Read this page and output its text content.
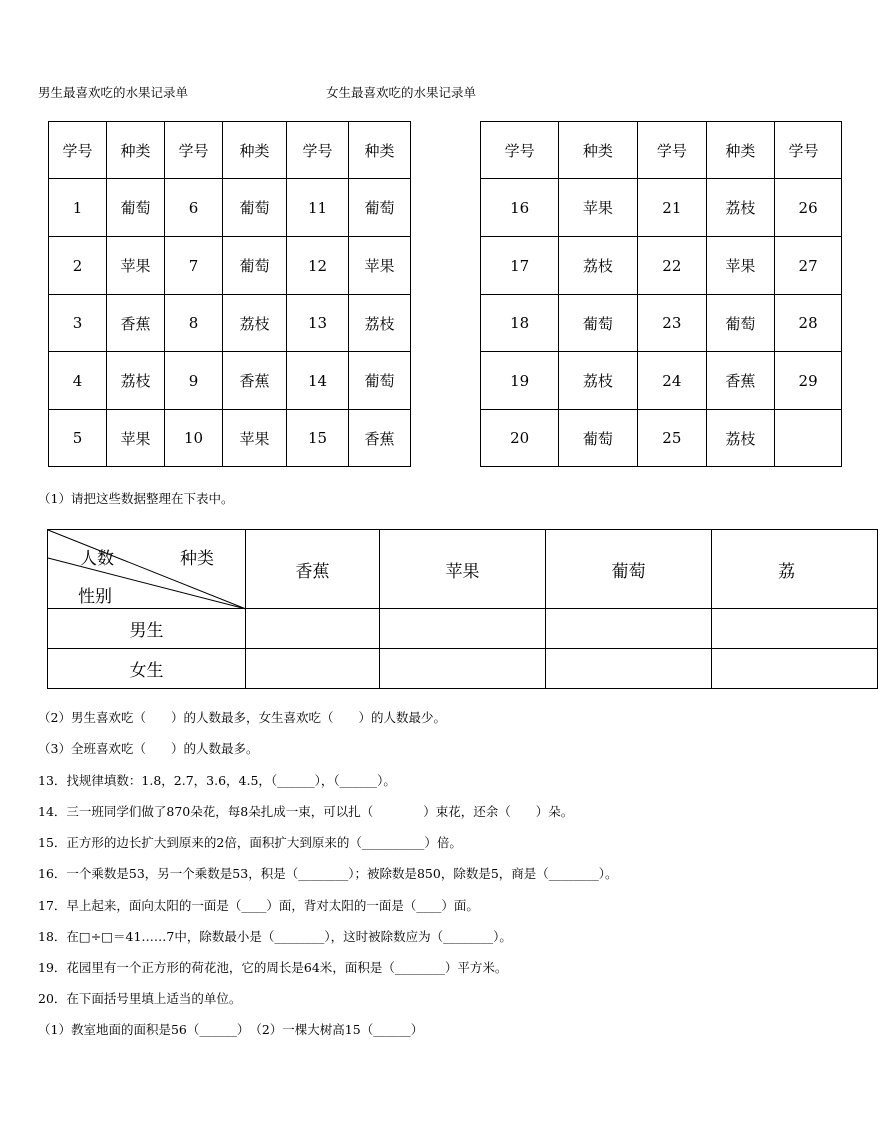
男生最喜欢吃的水果记录单	女生最喜欢吃的水果记录单
学号	种类	学号	种类	学号	种类
1	葡萄	6	葡萄	11	葡萄
2	苹果	7	葡萄	12	苹果
3	香蕉	8	荔枝	13	荔枝
4	荔枝	9	香蕉	14	葡萄
5	苹果	10	苹果	15	香蕉
学号	种类	学号	种类	学号
16	苹果	21	荔枝	26
17	荔枝	22	苹果	27
18	葡萄	23	葡萄	28
19	荔枝	24	香蕉	29
20	葡萄	25	荔枝	
（1）请把这些数据整理在下表中。
人数 种类
性别	香蕉	苹果	葡萄	荔
男生				
女生				
（2）男生喜欢吃（　　）的人数最多，女生喜欢吃（　　）的人数最少。
（3）全班喜欢吃（　　）的人数最多。
13．找规律填数：1.8，2.7，3.6，4.5，（______），（______）。
14．三一班同学们做了870朵花，每8朵扎成一束，可以扎（　　　　）束花，还余（　　）朵。
15．正方形的边长扩大到原来的2倍，面积扩大到原来的（__________）倍。
16．一个乘数是53，另一个乘数是53，积是（________）；被除数是850，除数是5，商是（________）。
17．早上起来，面向太阳的一面是（____）面，背对太阳的一面是（____）面。
18．在□÷□＝41……7中，除数最小是（________），这时被除数应为（________）。
19．花园里有一个正方形的荷花池，它的周长是64米，面积是（________）平方米。
20．在下面括号里填上适当的单位。
（1）教室地面的面积是56（______）　（2）一棵大树高15（______）
